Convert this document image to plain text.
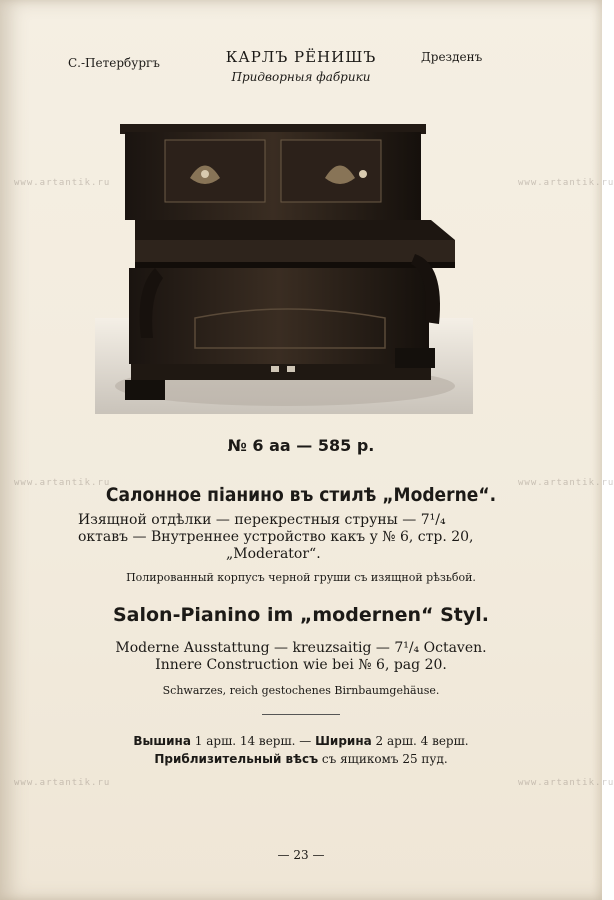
www.artantik.ru	www.artantik.ru
www.artantik.ru	www.artantik.ru
www.artantik.ru	www.artantik.ru
С.-Петербургъ	КАРЛЪ РЁНИШЪ
Придворныя фабрики
Дрезденъ
№ 6 аа — 585 р.
Салонное піанино въ стилѣ „Moderne“.
Изящной отдѣлки — перекрестныя струны — 7¹/₄
октавъ — Внутреннее устройство какъ у № 6, стр. 20,
„Moderator“.
Полированный корпусъ черной груши съ изящной рѣзьбой.
Salon-Pianino im „modernen“ Styl.
Moderne Ausstattung — kreuzsaitig — 7¹/₄ Octaven.
Innere Construction wie bei № 6, pag 20.
Schwarzes, reich gestochenes Birnbaumgehäuse.
Вышина 1 арш. 14 верш. — Ширина 2 арш. 4 верш.
Приблизительный вѣсъ съ ящикомъ 25 пуд.
— 23 —
